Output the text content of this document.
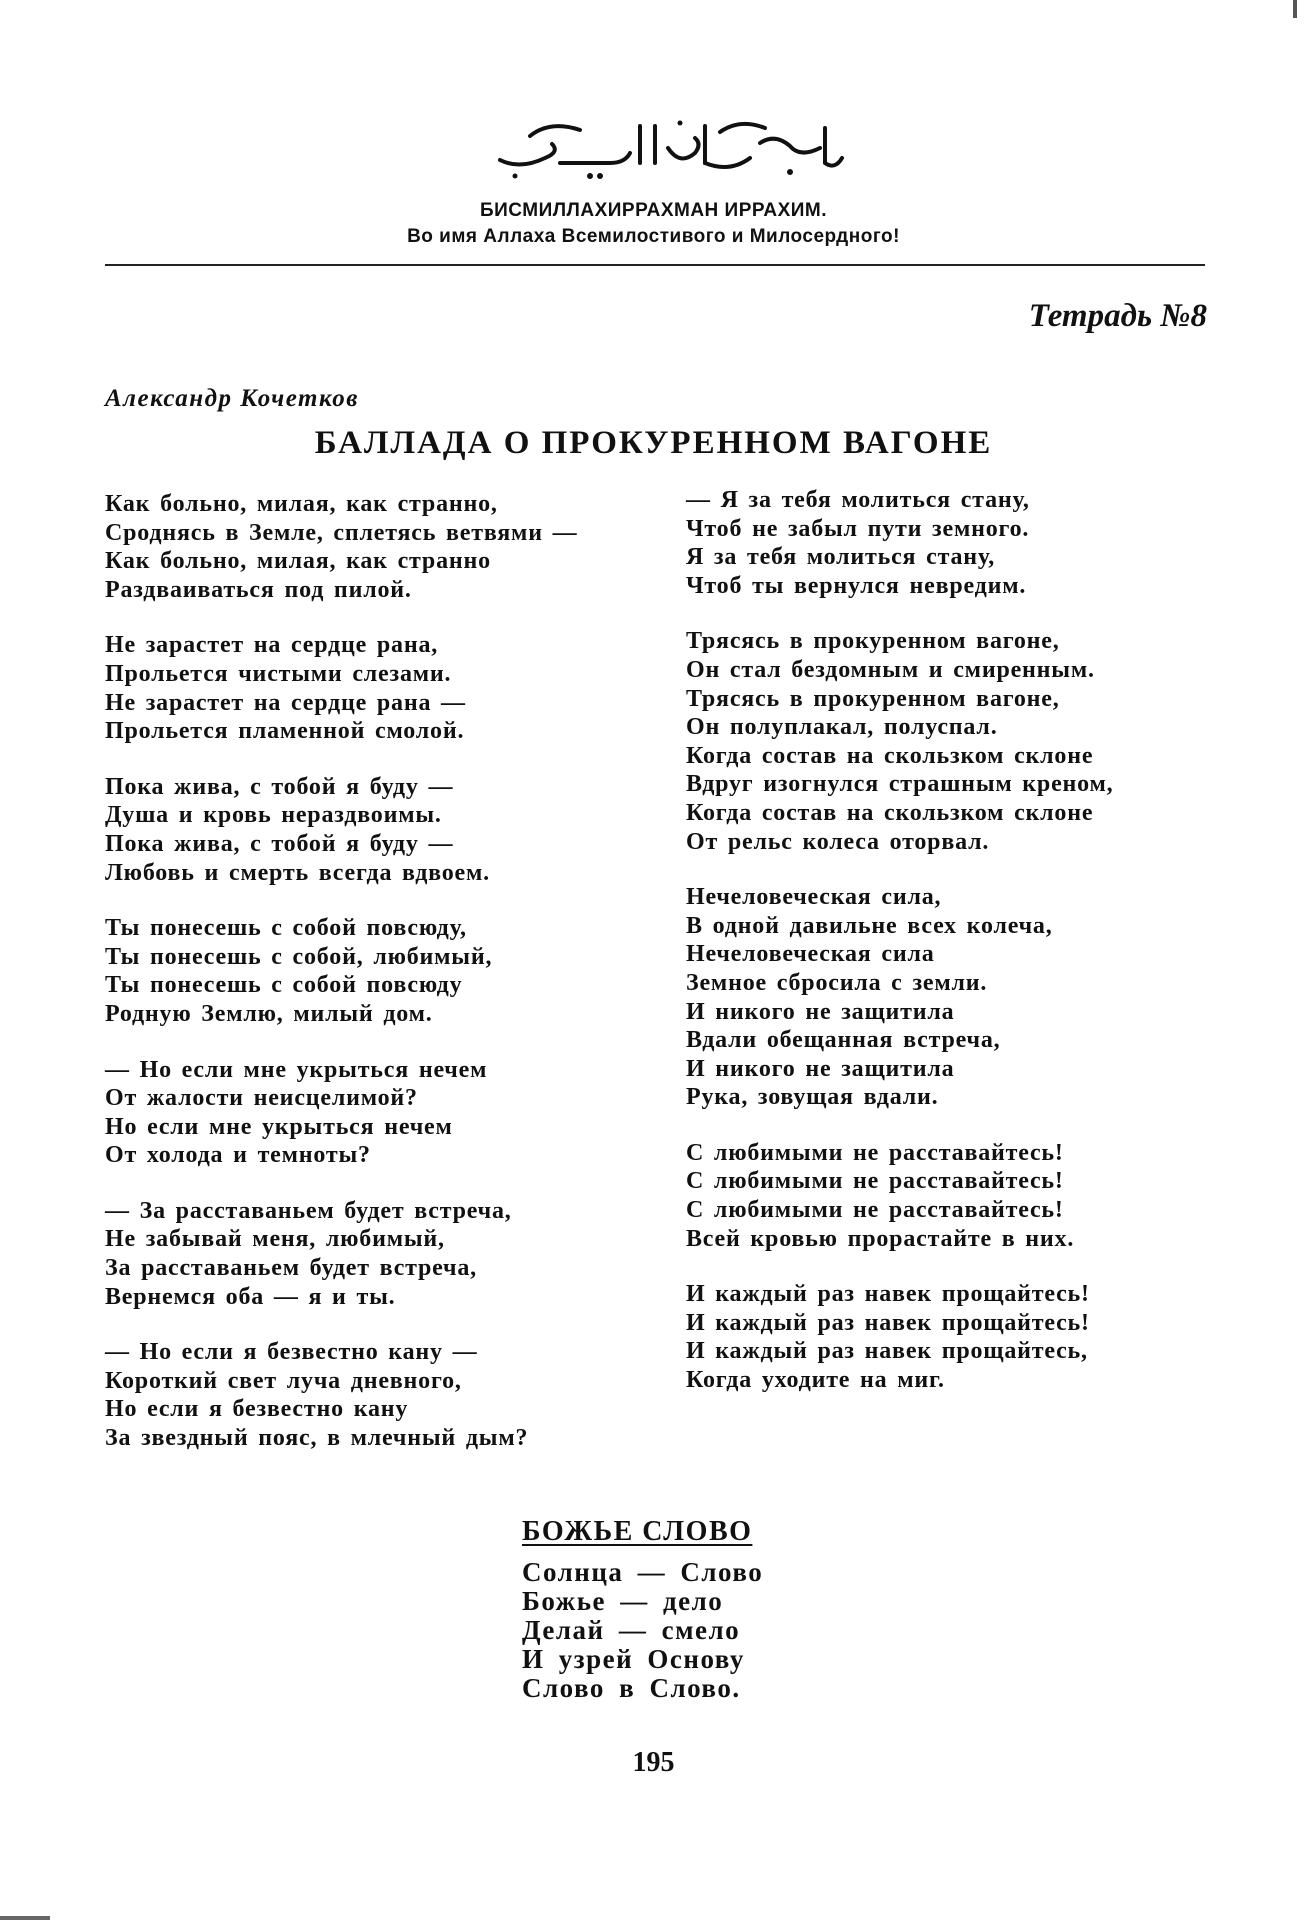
БИСМИЛЛАХИРРАХМАН ИРРАХИМ.
Во имя Аллаха Всемилостивого и Милосердного!
Тетрадь №8
Александр Кочетков
БАЛЛАДА О ПРОКУРЕННОМ ВАГОНЕ
Как больно, милая, как странно,
Сроднясь в Земле, сплетясь ветвями —
Как больно, милая, как странно
Раздваиваться под пилой.
Не зарастет на сердце рана,
Прольется чистыми слезами.
Не зарастет на сердце рана —
Прольется пламенной смолой.
Пока жива, с тобой я буду —
Душа и кровь нераздвоимы.
Пока жива, с тобой я буду —
Любовь и смерть всегда вдвоем.
Ты понесешь с собой повсюду,
Ты понесешь с собой, любимый,
Ты понесешь с собой повсюду
Родную Землю, милый дом.
— Но если мне укрыться нечем
От жалости неисцелимой?
Но если мне укрыться нечем
От холода и темноты?
— За расставаньем будет встреча,
Не забывай меня, любимый,
За расставаньем будет встреча,
Вернемся оба — я и ты.
— Но если я безвестно кану —
Короткий свет луча дневного,
Но если я безвестно кану
За звездный пояс, в млечный дым?
— Я за тебя молиться стану,
Чтоб не забыл пути земного.
Я за тебя молиться стану,
Чтоб ты вернулся невредим.
Трясясь в прокуренном вагоне,
Он стал бездомным и смиренным.
Трясясь в прокуренном вагоне,
Он полуплакал, полуспал.
Когда состав на скользком склоне
Вдруг изогнулся страшным креном,
Когда состав на скользком склоне
От рельс колеса оторвал.
Нечеловеческая сила,
В одной давильне всех колеча,
Нечеловеческая сила
Земное сбросила с земли.
И никого не защитила
Вдали обещанная встреча,
И никого не защитила
Рука, зовущая вдали.
С любимыми не расставайтесь!
С любимыми не расставайтесь!
С любимыми не расставайтесь!
Всей кровью прорастайте в них.
И каждый раз навек прощайтесь!
И каждый раз навек прощайтесь!
И каждый раз навек прощайтесь,
Когда уходите на миг.
БОЖЬЕ СЛОВО
Солнца — Слово
Божье — дело
Делай — смело
И узрей Основу
Слово в Слово.
195
